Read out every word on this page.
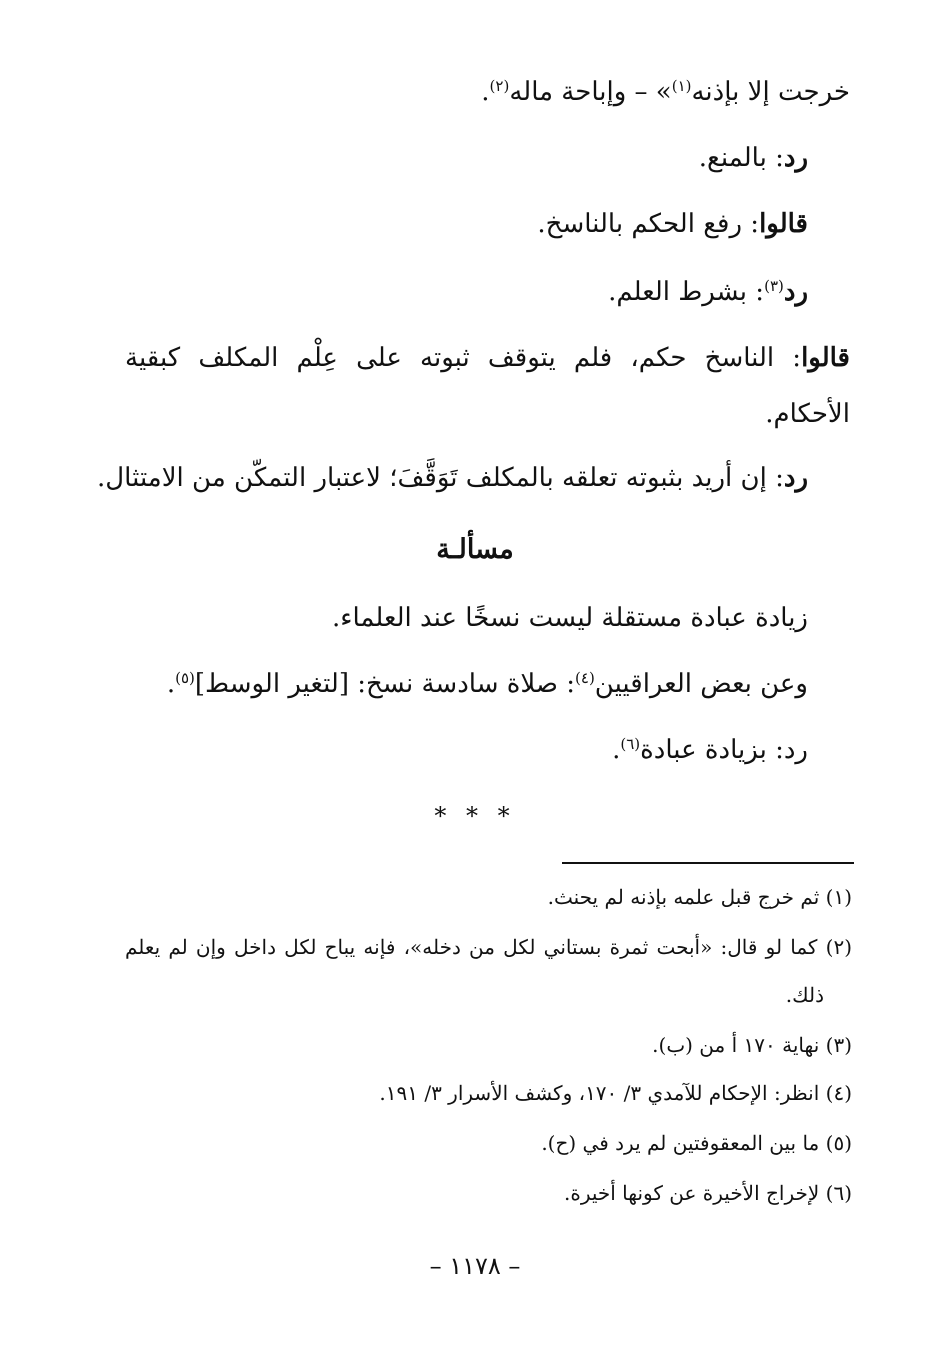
خرجت إلا بإذنه$^{(١)}$» – وإباحة ماله$^{(٢)}$.
رد: بالمنع.
قالوا: رفع الحكم بالناسخ.
رد$^{(٣)}$: بشرط العلم.
قالوا: الناسخ حكم، فلم يتوقف ثبوته على عِلْم المكلف كبقية
الأحكام.
رد: إن أريد بثبوته تعلقه بالمكلف تَوَقَّفَ؛ لاعتبار التمكّن من الامتثال.
مسألـة
زيادة عبادة مستقلة ليست نسخًا عند العلماء.
وعن بعض العراقيين$^{(٤)}$: صلاة سادسة نسخ: [لتغير الوسط]$^{(٥)}$.
رد: بزيادة عبادة$^{(٦)}$.
* * *
(١) ثم خرج قبل علمه بإذنه لم يحنث.
(٢) كما لو قال: «أبحت ثمرة بستاني لكل من دخله»، فإنه يباح لكل داخل وإن لم يعلم
ذلك.
(٣) نهاية ١٧٠ أ من (ب).
(٤) انظر: الإحكام للآمدي ٣/ ١٧٠، وكشف الأسرار ٣/ ١٩١.
(٥) ما بين المعقوفتين لم يرد في (ح).
(٦) لإخراج الأخيرة عن كونها أخيرة.
– ١١٧٨ –
